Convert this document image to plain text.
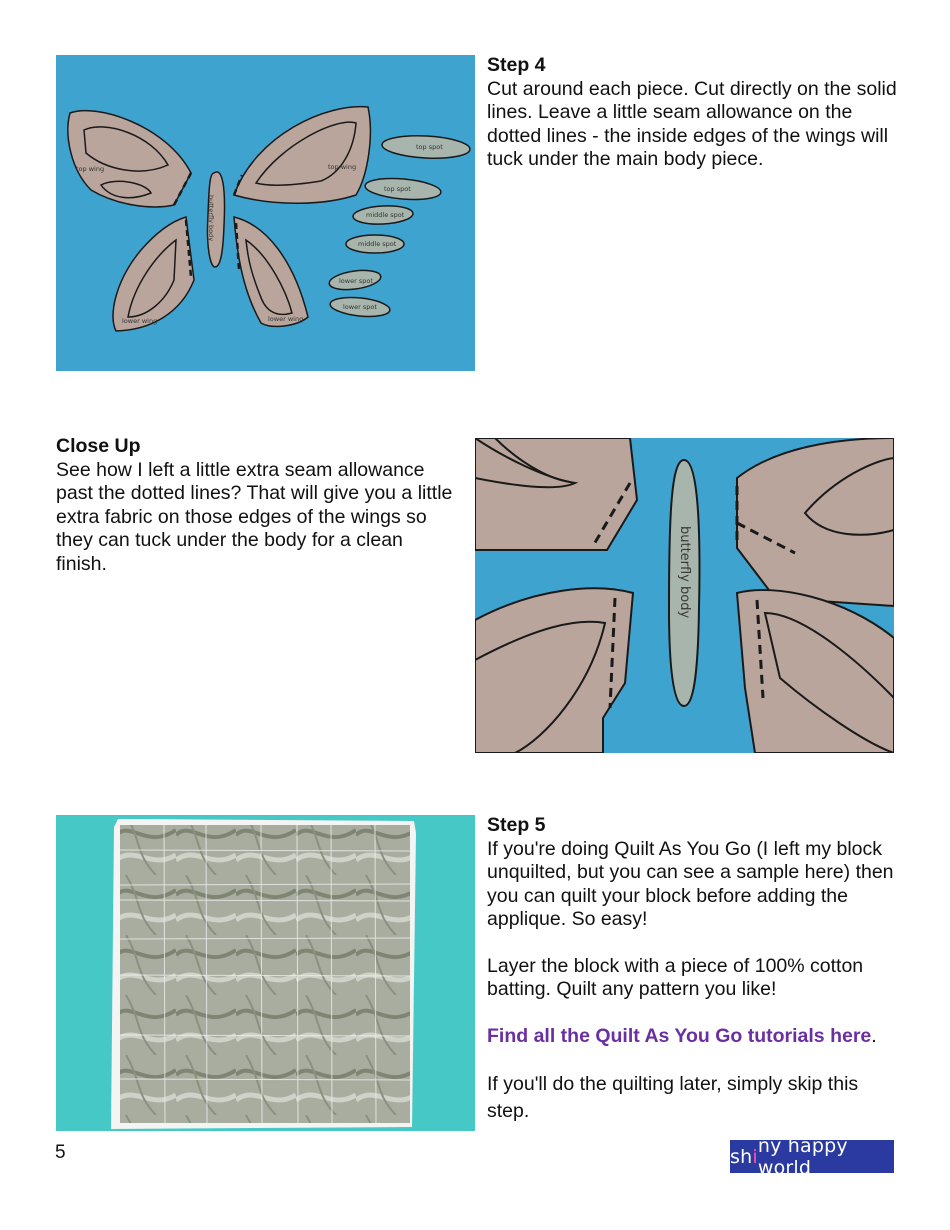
top wing	top wing
butterfly body
top spot
top spot
middle spot
middle spot
lower spot
lower spot
lower wing	lower wing
Step 4

Cut around each piece. Cut directly on the solid lines. Leave a little seam allowance on the dotted lines - the inside edges of the wings will tuck under the main body piece.

Close Up

See how I left a little extra seam allowance past the dotted lines? That will give you a little extra fabric on those edges of the wings so they can tuck under the body for a clean finish.	butterfly body
Step 5

If you're doing Quilt As You Go (I left my block unquilted, but you can see a sample here) then you can quilt your block before adding the applique. So easy!

Layer the block with a piece of 100% cotton batting. Quilt any pattern you like!

Find all the Quilt As You Go tutorials here.

If you'll do the quilting later, simply skip this step.

5	sh i ny happy world
